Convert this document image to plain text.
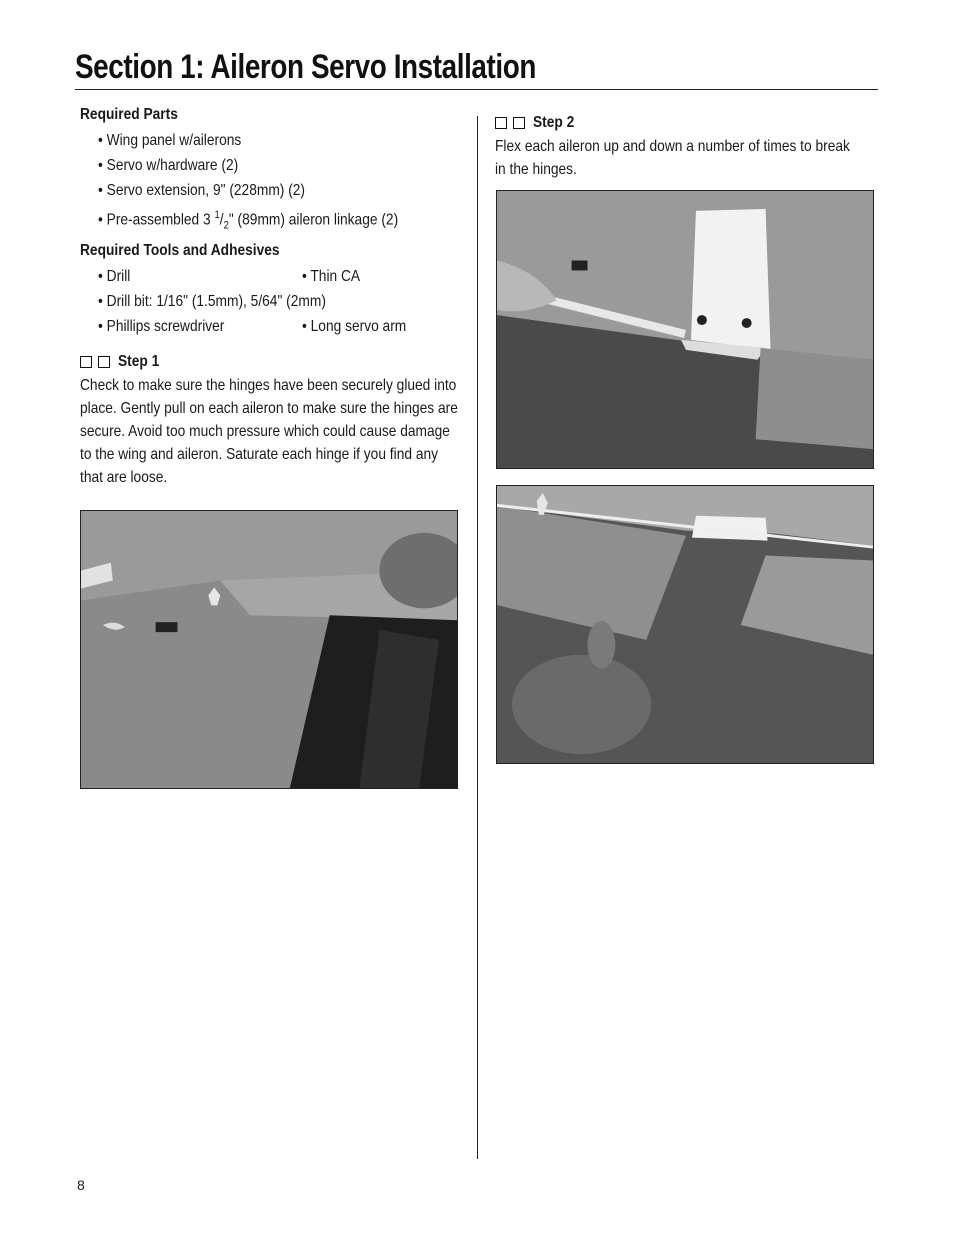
Section 1: Aileron Servo Installation

Required Parts

• Wing panel w/ailerons
• Servo w/hardware (2)
• Servo extension, 9" (228mm) (2)
• Pre-assembled 3 $^1/_2$" (89mm) aileron linkage (2)

Required Tools and Adhesives

• Drill	• Thin CA
• Drill bit: 1/16" (1.5mm), 5/64" (2mm)
• Phillips screwdriver	• Long servo arm
Step 1

Check to make sure the hinges have been securely glued into place. Gently pull on each aileron to make sure the hinges are secure. Avoid too much pressure which could cause damage to the wing and aileron. Saturate each hinge if you find any that are loose.

Step 2

Flex each aileron up and down a number of times to break in the hinges.

8
